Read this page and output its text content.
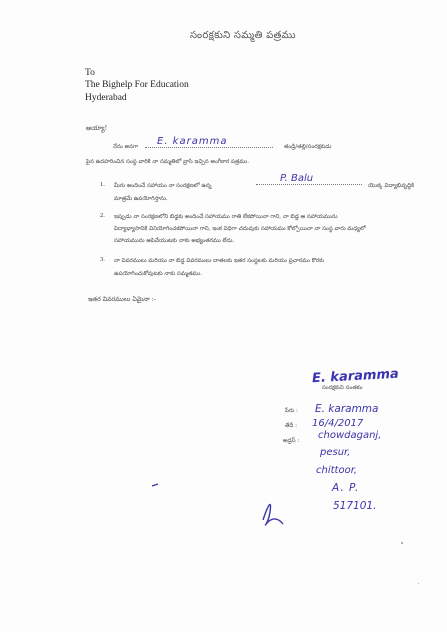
సంరక్షకుని సమ్మతి పత్రము
To
The Bighelp For Education
Hyderabad
అయ్యా!
నేను అనగా	E. karamma	తండ్రి/తల్లి/సంరక్షకుడు
పైన ఉదహరించిన సంస్థ వారికి నా సమ్మతిలో వ్రాసి ఇచ్చిన అంగీకార పత్రము.
1. మీరు అందించే సహాయం నా సంరక్షణలో ఉన్న
P. Balu
యొక్క విద్యాభివృద్ధికి
మాత్రమే ఉపయోగిస్తాను.
2. ఇప్పుడు నా సంరక్షణలోని బిడ్డకు అందించే సహాయము రాతి లేకపోయినా గాని, నా బిడ్డ ఆ సహాయమును
విద్యాభ్యాసానికి వినియోగించకపోయినా గాని, ఇంక విధిగా చదువుకు సహాయము కోల్పోయినా నా సంస్థ వారు మధ్యలో
సహాయమును ఆపివేయుటకు నాకు అభ్యంతరము లేదు.
3. నా వివరములు మరియు నా బిడ్డ వివరములు దాతలకు ఇతర సంస్థలకు మరియు ప్రచారము కొరకు
ఉపయోగించుకోవుటకు నాకు సమ్మతము.
ఇతర వివరములు ఏమైనా :-
E. karamma
సంరక్షకుని సంతకం
పేరు : E. karamma
తేదీ : 16/4/2017
అడ్రస్ : chowdaganj,
pesur,
chittoor,
A. P.
517101.
